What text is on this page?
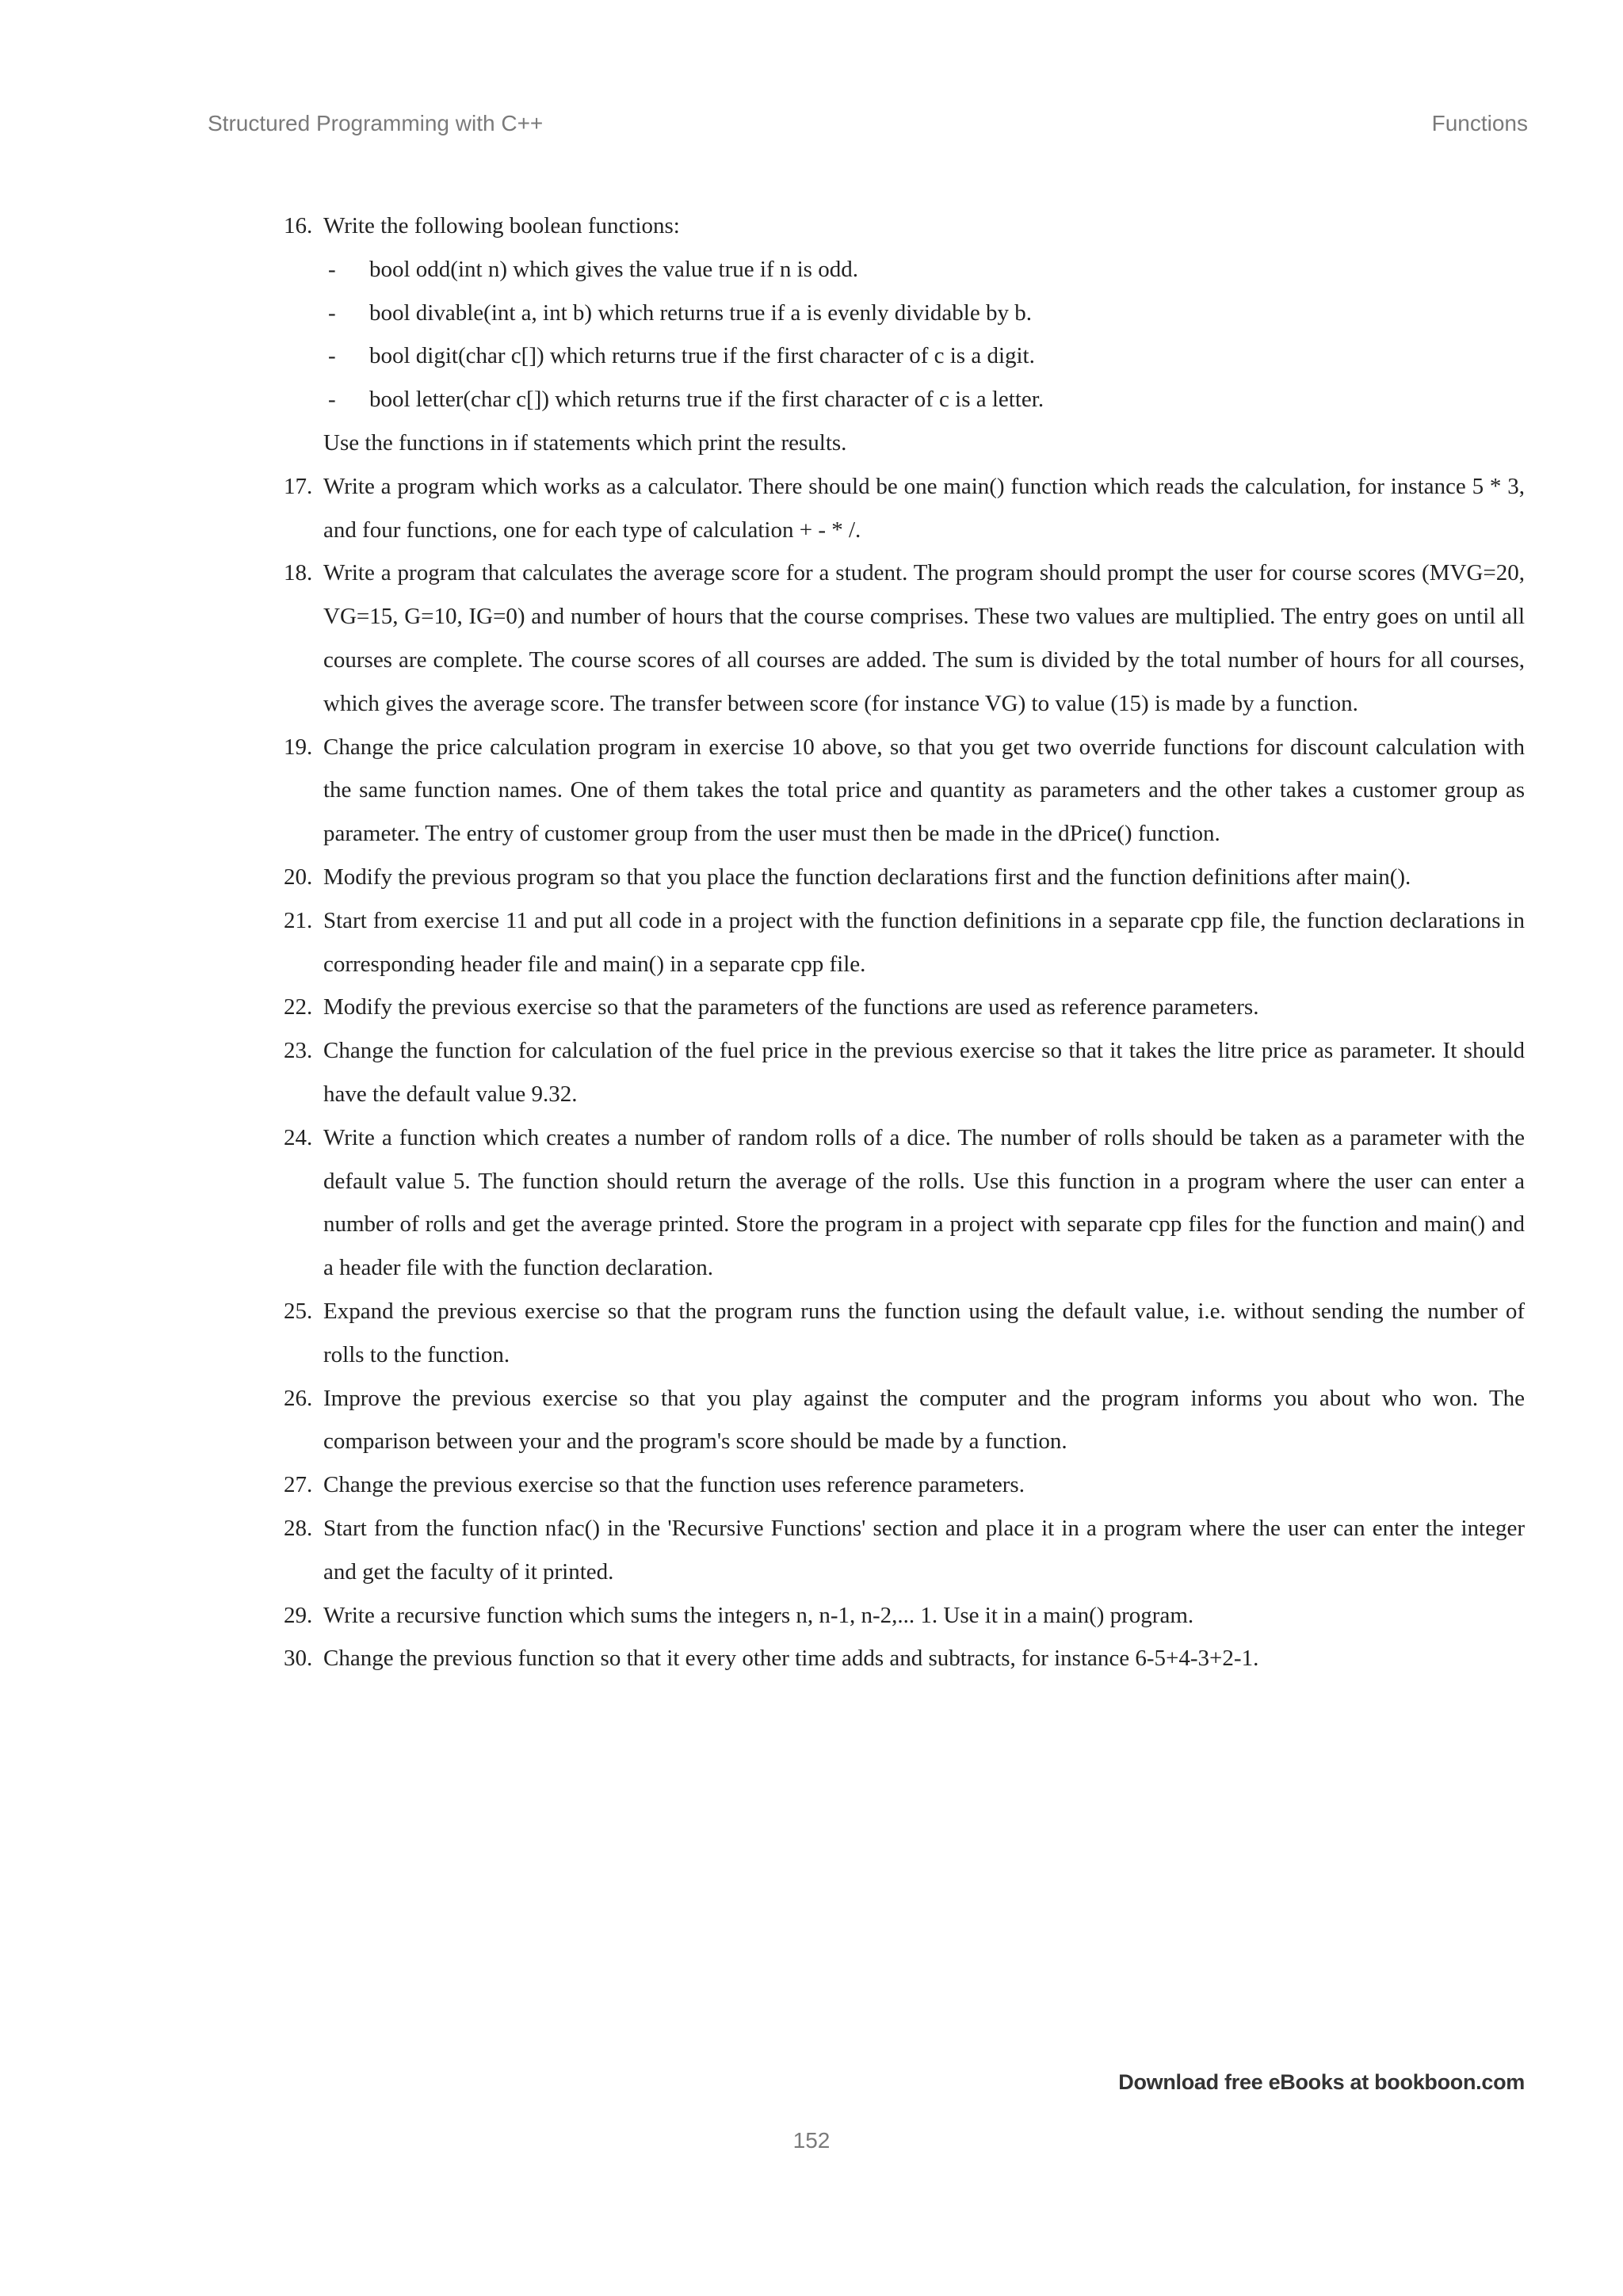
Structured Programming with C++	Functions
16. Write the following boolean functions:
- bool odd(int n) which gives the value true if n is odd.
- bool divable(int a, int b) which returns true if a is evenly dividable by b.
- bool digit(char c[]) which returns true if the first character of c is a digit.
- bool letter(char c[]) which returns true if the first character of c is a letter.
Use the functions in if statements which print the results.
17. Write a program which works as a calculator. There should be one main() function which reads the calculation, for instance 5 * 3, and four functions, one for each type of calculation + - * /.
18. Write a program that calculates the average score for a student. The program should prompt the user for course scores (MVG=20, VG=15, G=10, IG=0) and number of hours that the course comprises. These two values are multiplied. The entry goes on until all courses are complete. The course scores of all courses are added. The sum is divided by the total number of hours for all courses, which gives the average score. The transfer between score (for instance VG) to value (15) is made by a function.
19. Change the price calculation program in exercise 10 above, so that you get two override functions for discount calculation with the same function names. One of them takes the total price and quantity as parameters and the other takes a customer group as parameter. The entry of customer group from the user must then be made in the dPrice() function.
20. Modify the previous program so that you place the function declarations first and the function definitions after main().
21. Start from exercise 11 and put all code in a project with the function definitions in a separate cpp file, the function declarations in corresponding header file and main() in a separate cpp file.
22. Modify the previous exercise so that the parameters of the functions are used as reference parameters.
23. Change the function for calculation of the fuel price in the previous exercise so that it takes the litre price as parameter. It should have the default value 9.32.
24. Write a function which creates a number of random rolls of a dice. The number of rolls should be taken as a parameter with the default value 5. The function should return the average of the rolls. Use this function in a program where the user can enter a number of rolls and get the average printed. Store the program in a project with separate cpp files for the function and main() and a header file with the function declaration.
25. Expand the previous exercise so that the program runs the function using the default value, i.e. without sending the number of rolls to the function.
26. Improve the previous exercise so that you play against the computer and the program informs you about who won. The comparison between your and the program's score should be made by a function.
27. Change the previous exercise so that the function uses reference parameters.
28. Start from the function nfac() in the 'Recursive Functions' section and place it in a program where the user can enter the integer and get the faculty of it printed.
29. Write a recursive function which sums the integers n, n-1, n-2,... 1. Use it in a main() program.
30. Change the previous function so that it every other time adds and subtracts, for instance 6-5+4-3+2-1.
Download free eBooks at bookboon.com
152
